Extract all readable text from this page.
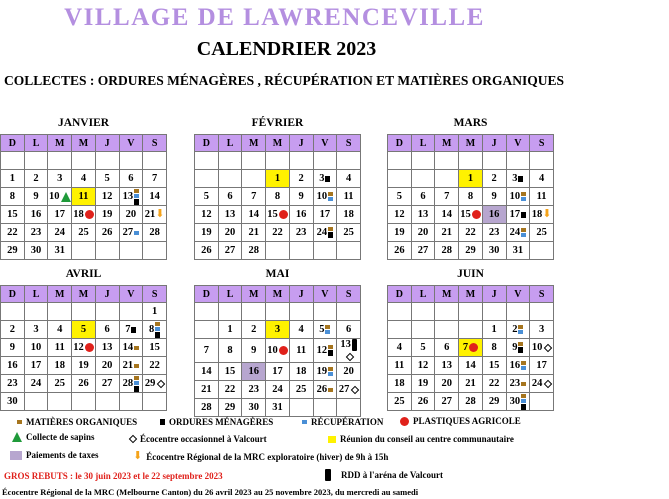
VILLAGE DE LAWRENCEVILLE
CALENDRIER 2023
COLLECTES : ORDURES MÉNAGÈRES , RÉCUPÉRATION ET MATIÈRES ORGANIQUES
JANVIER
D	L	M	M	J	V	S

1	2	3	4	5	6	7
8	9	10	11	12	13	14
15	16	17	18	19	20	21⬇
22	23	24	25	26	27	28
29	30	31				
FÉVRIER
D	L	M	M	J	V	S

			1	2	3	4
5	6	7	8	9	10	11
12	13	14	15	16	17	18
19	20	21	22	23	24	25
26	27	28				
MARS
D	L	M	M	J	V	S

			1	2	3	4
5	6	7	8	9	10	11
12	13	14	15	16	17	18⬇
19	20	21	22	23	24	25
26	27	28	29	30	31	
AVRIL
D	L	M	M	J	V	S
						1
2	3	4	5	6	7	8

9	10	11	12	13	14	15
16	17	18	19	20	21	22
23	24	25	26	27	28	29
30						
MAI
D	L	M	M	J	V	S

	1	2	3	4	5	6
7	8	9	10	11	12	13
14	15	16	17	18	19	20
21	22	23	24	25	26	27
28	29	30	31			
JUIN
D	L	M	M	J	V	S

				1	2	3
4	5	6	7	8	9	10
11	12	13	14	15	16	17
18	19	20	21	22	23	24
25	26	27	28	29	30

MATIÈRES ORGANIQUES	ORDURES MÉNAGÈRES	RÉCUPÉRATION	PLASTIQUES AGRICOLE
Collecte de sapins	Écocentre occasionnel à Valcourt	Réunion du conseil au centre communautaire
Paiements de taxes	⬇ Écocentre Régional de la MRC exploratoire (hiver) de 9h à 15h
GROS REBUTS : le 30 juin 2023 et le 22 septembre 2023	RDD à l'aréna de Valcourt
Écocentre Régional de la MRC (Melbourne Canton) du 26 avril 2023 au 25 novembre 2023, du mercredi au samedi
